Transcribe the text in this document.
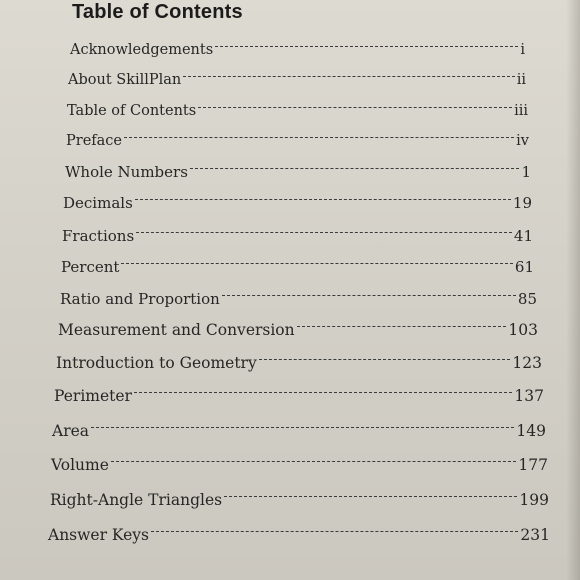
Table of Contents
Acknowledgements	i
About SkillPlan	ii
Table of Contents	iii
Preface	iv
Whole Numbers	1
Decimals	19
Fractions	41
Percent	61
Ratio and Proportion	85
Measurement and Conversion	103
Introduction to Geometry	123
Perimeter	137
Area	149
Volume	177
Right-Angle Triangles	199
Answer Keys	231
